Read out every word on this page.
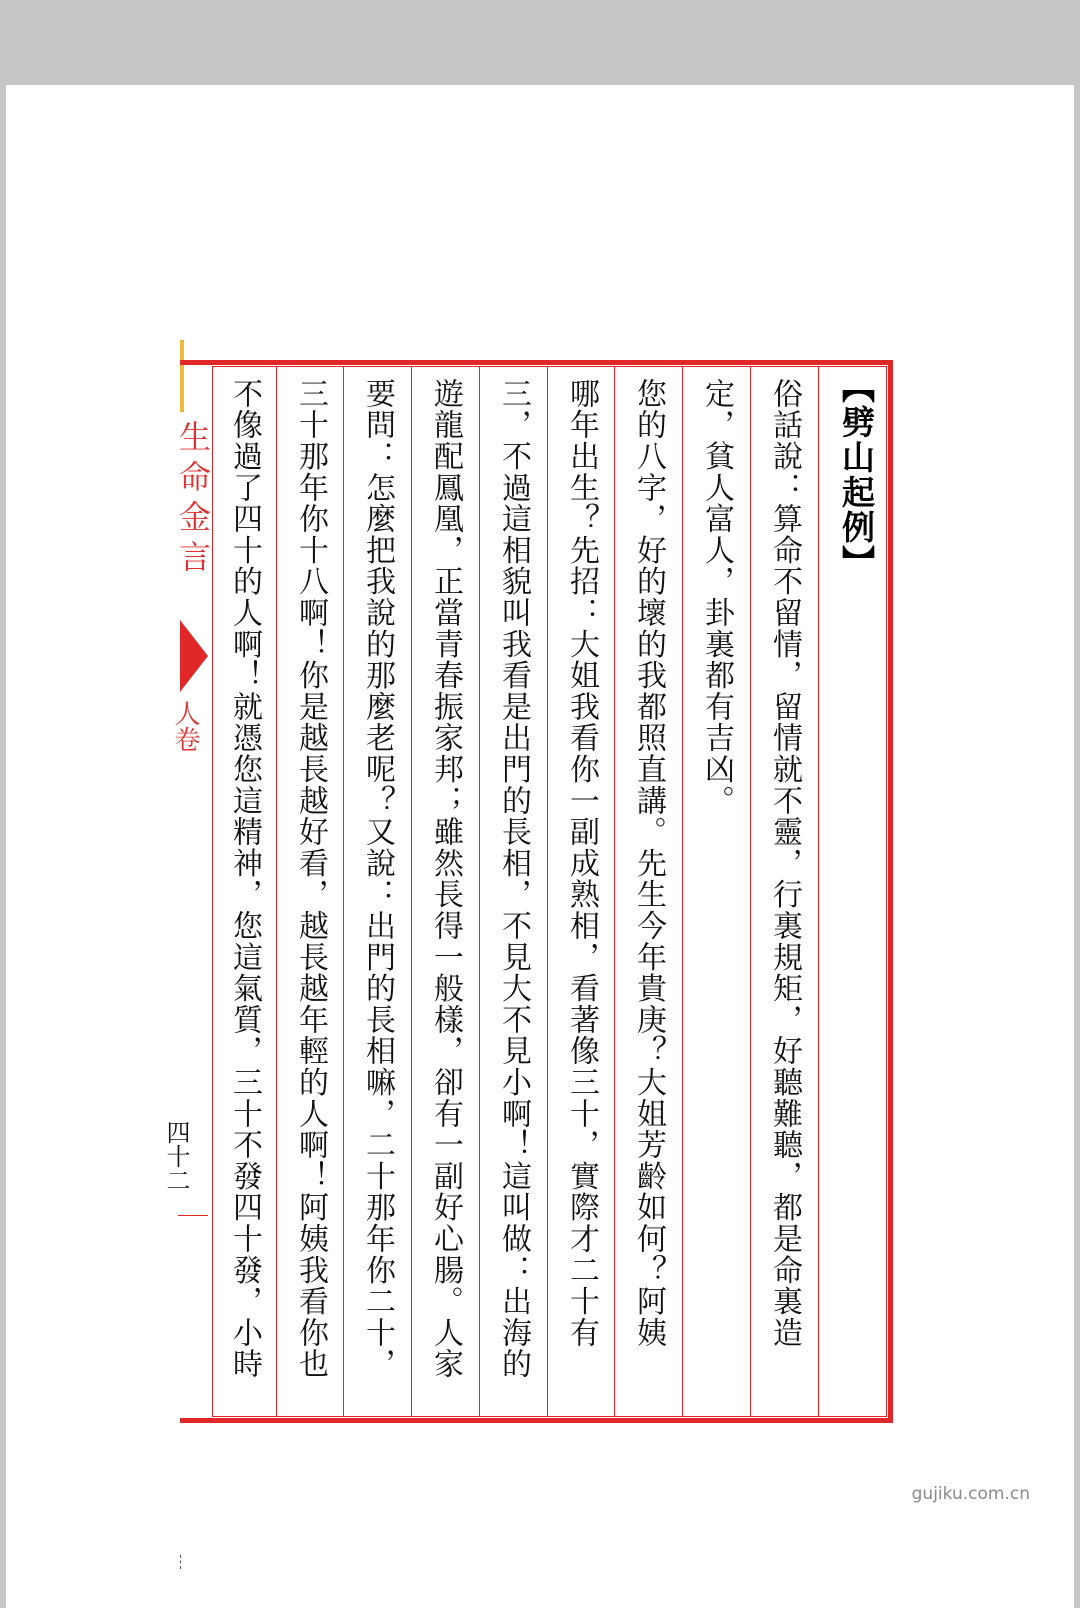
生命金言
人卷
四十二
【劈山起例】
俗話說：算命不留情，留情就不靈，行裏規矩，好聽難聽，都是命裏造
定，貧人富人，卦裏都有吉凶。
您的八字，好的壞的我都照直講。先生今年貴庚？大姐芳齡如何？阿姨
哪年出生？先招：大姐我看你一副成熟相，看著像三十，實際才二十有
三，不過這相貌叫我看是出門的長相，不見大不見小啊！這叫做：出海的
遊龍配鳳凰，正當青春振家邦；雖然長得一般樣，卻有一副好心腸。人家
要問：怎麼把我說的那麼老呢？又說：出門的長相嘛，二十那年你二十，
三十那年你十八啊！你是越長越好看，越長越年輕的人啊！阿姨我看你也
不像過了四十的人啊！就憑您這精神，您這氣質，三十不發四十發，小時
gujiku.com.cn
